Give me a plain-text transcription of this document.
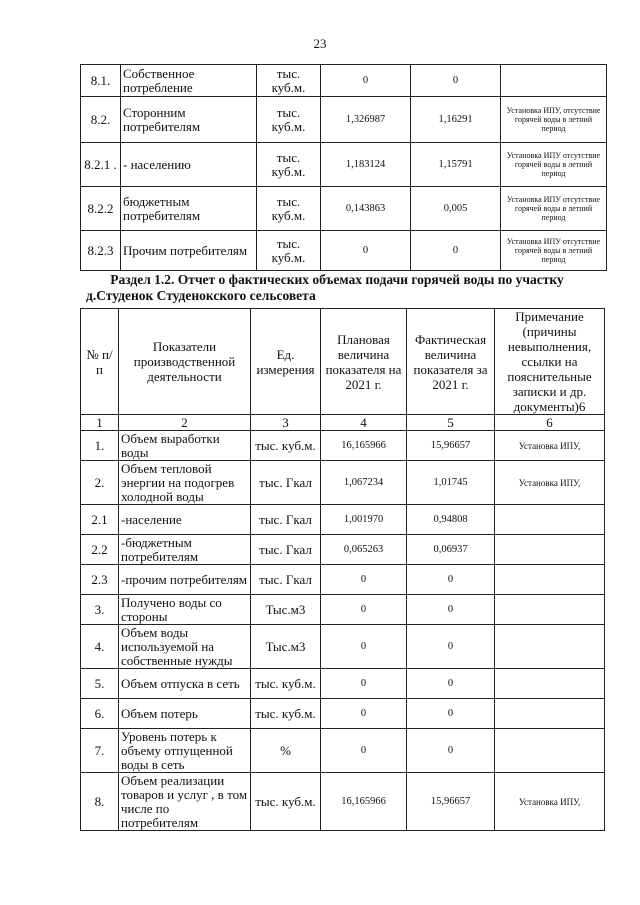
23
8.1.	Собственное потребление	тыс. куб.м.	0	0	
8.2.	Сторонним потребителям	тыс. куб.м.	1,326987	1,16291	Установка ИПУ, отсутствие горячей воды в летний период
8.2.1 .	- населению	тыс. куб.м.	1,183124	1,15791	Установка ИПУ отсутствие горячей воды в летний период
8.2.2	бюджетным потребителям	тыс. куб.м.	0,143863	0,005	Установка ИПУ отсутствие горячей воды в летний период
8.2.3	Прочим потребителям	тыс. куб.м.	0	0	Установка ИПУ отсутствие горячей воды в летний период
Раздел 1.2. Отчет о фактических объемах подачи горячей воды по участку
д.Студенок Студенокского сельсовета
№ п/п	Показатели производственной деятельности	Ед. измерения	Плановая величина показателя на 2021 г.	Фактическая величина показателя за 2021 г.	Примечание (причины невыполнения, ссылки на пояснительные записки и др. документы)6
1	2	3	4	5	6
1.	Объем выработки воды	тыс. куб.м.	16,165966	15,96657	Установка ИПУ,
2.	Объем тепловой энергии на подогрев холодной воды	тыс. Гкал	1,067234	1,01745	Установка ИПУ,
2.1	-население	тыс. Гкал	1,001970	0,94808	
2.2	-бюджетным потребителям	тыс. Гкал	0,065263	0,06937	
2.3	-прочим потребителям	тыс. Гкал	0	0	
3.	Получено воды со стороны	Тыс.м3	0	0	
4.	Объем воды используемой на собственные нужды	Тыс.м3	0	0	
5.	Объем отпуска в сеть	тыс. куб.м.	0	0	
6.	Объем потерь	тыс. куб.м.	0	0	
7.	Уровень потерь к объему отпущенной воды в сеть	%	0	0	
8.	Объем реализации товаров и услуг , в том числе по потребителям	тыс. куб.м.	16,165966	15,96657	Установка ИПУ,
